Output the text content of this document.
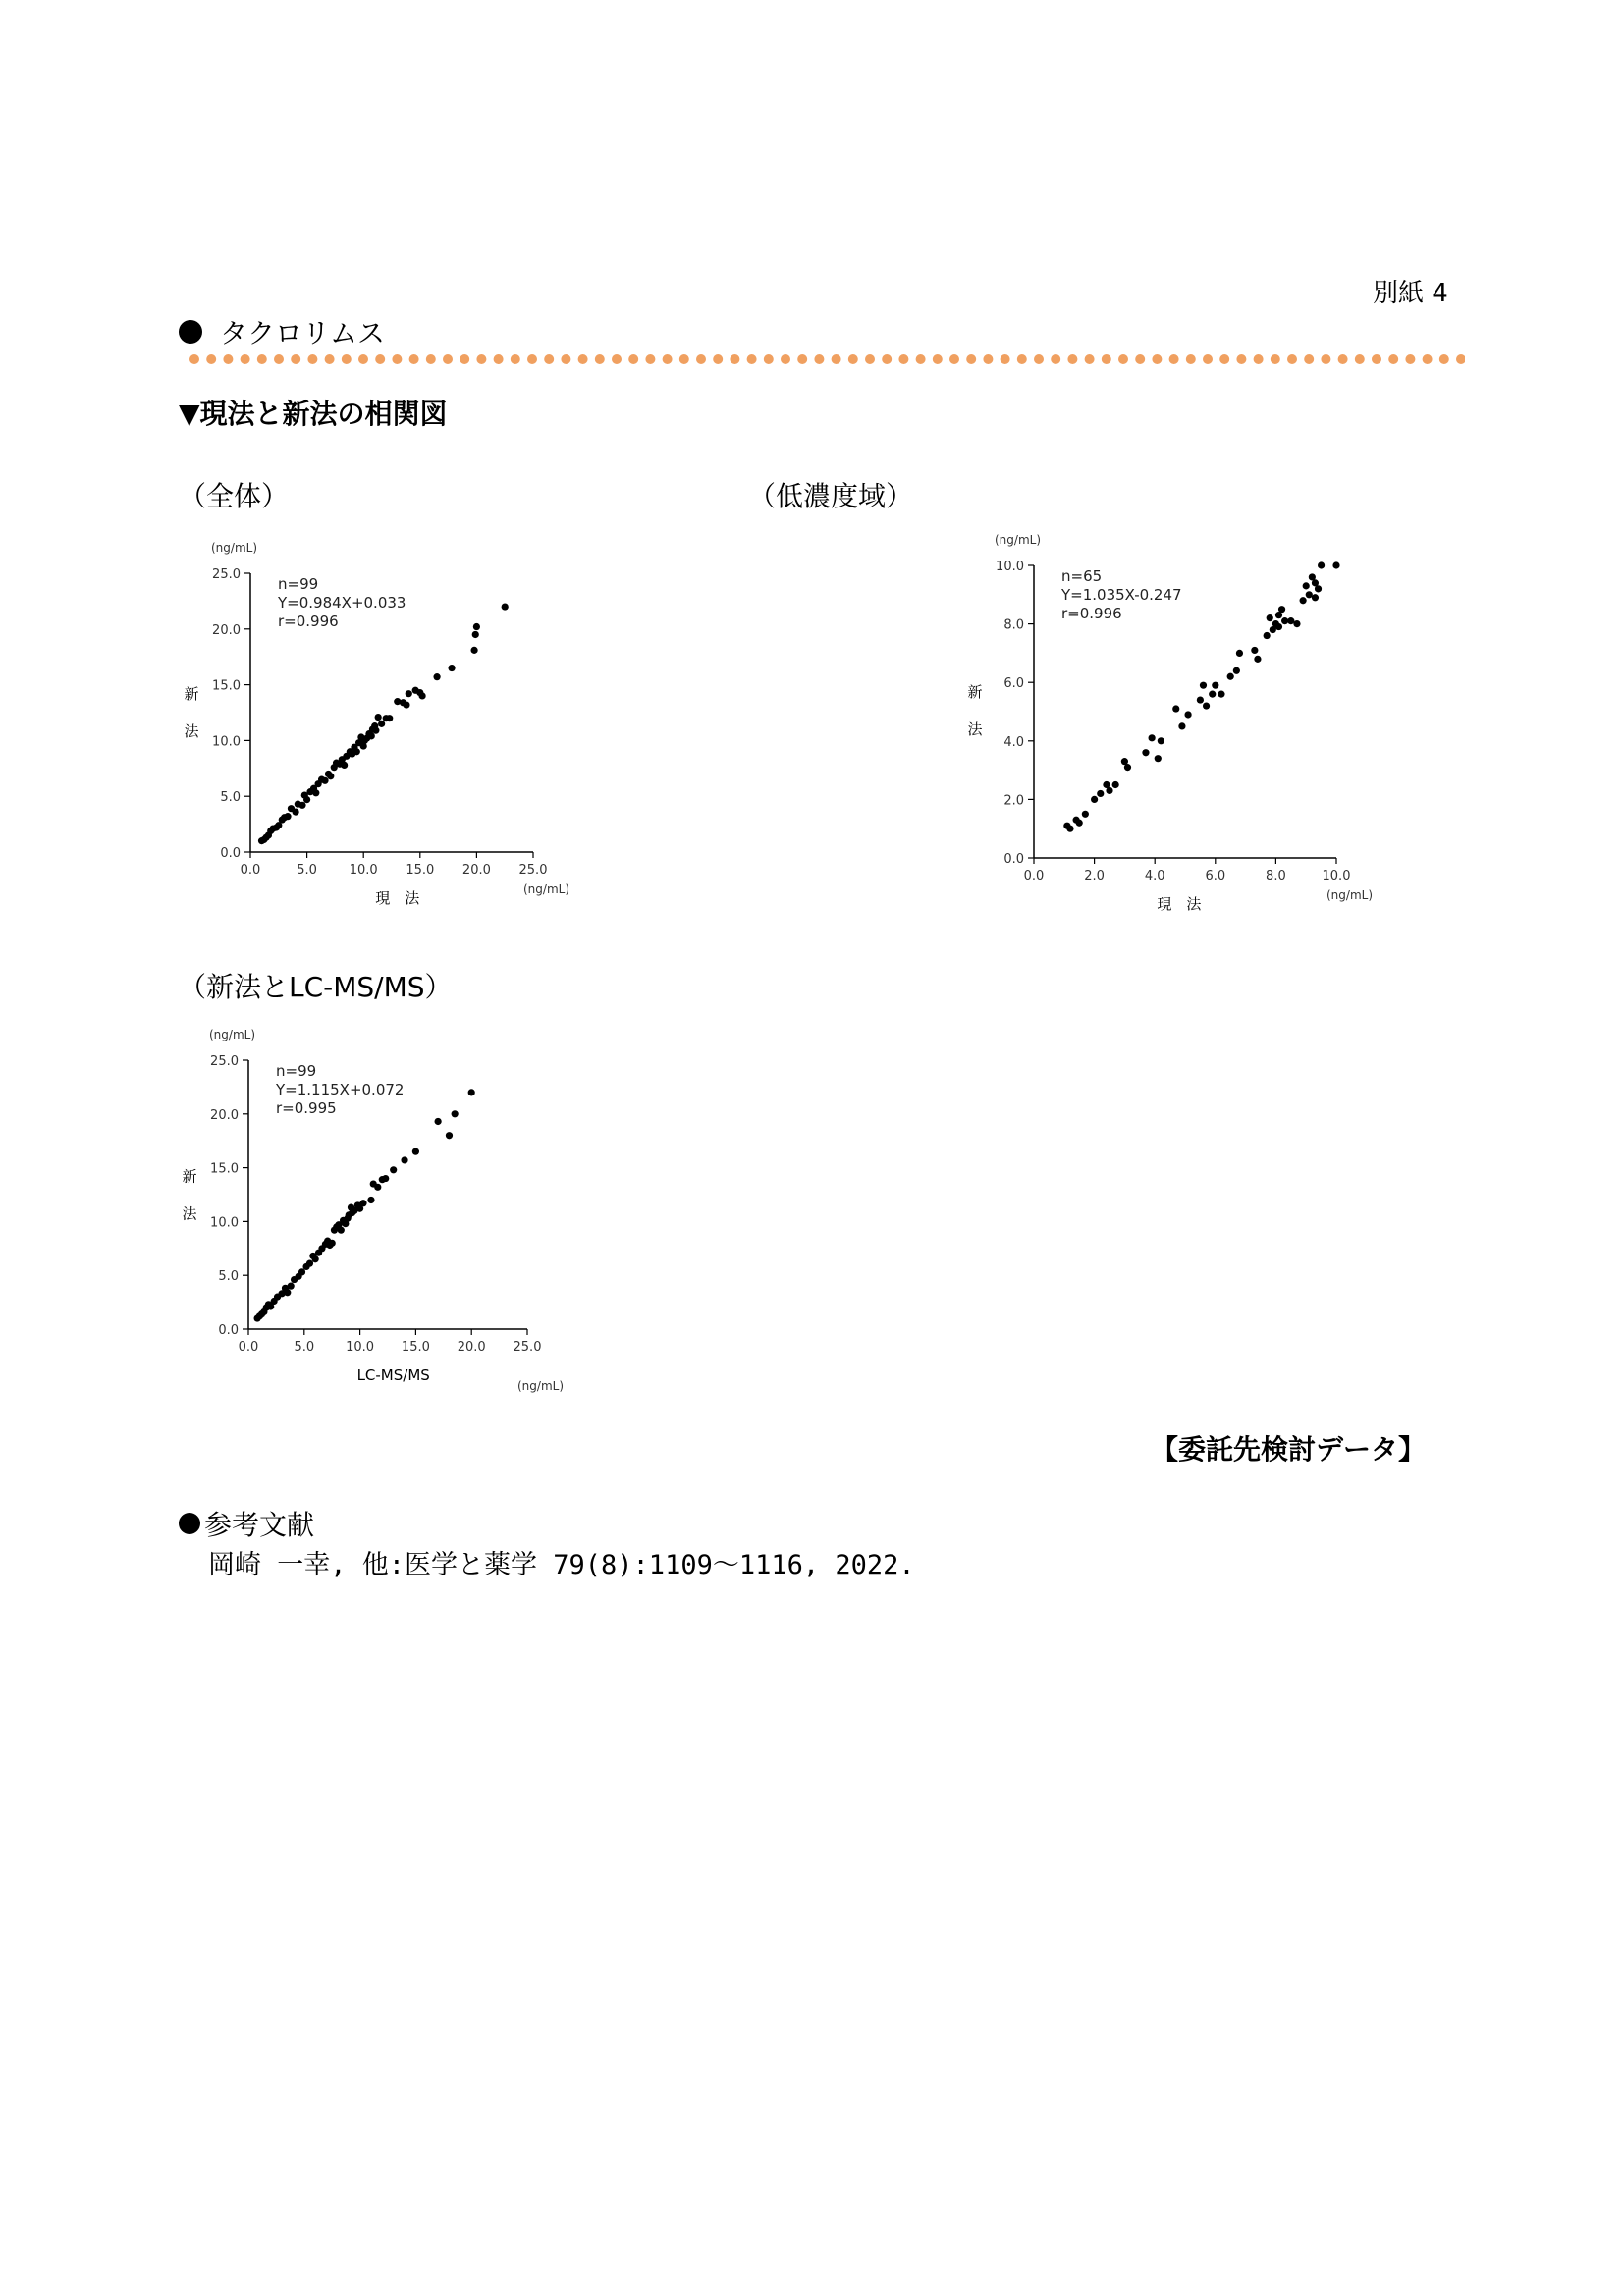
別紙 4
タクロリムス
▼現法と新法の相関図
（全体）	（低濃度域）
（新法とLC-MS/MS）
0.0	5.0	10.0 15.0 20.0 25.0
0.0
5.0
10.0
15.0
20.0
25.0
(ng/mL)
(ng/mL)
新
法
現　法
n=99
Y=0.984X+0.033
r=0.996
0.0	2.0	4.0	6.0	8.0	10.0
0.0
2.0
4.0
6.0
8.0
10.0
(ng/mL)
(ng/mL)
新
法
現　法
n=65
Y=1.035X-0.247
r=0.996
0.0	5.0 10.0 15.0 20.0 25.0
0.0
5.0
10.0
15.0
20.0
25.0
(ng/mL)
(ng/mL)
新
法
LC-MS/MS
n=99
Y=1.115X+0.072
r=0.995
【委託先検討データ】
参考文献
岡崎 一幸, 他:医学と薬学 79(8):1109〜1116, 2022.
